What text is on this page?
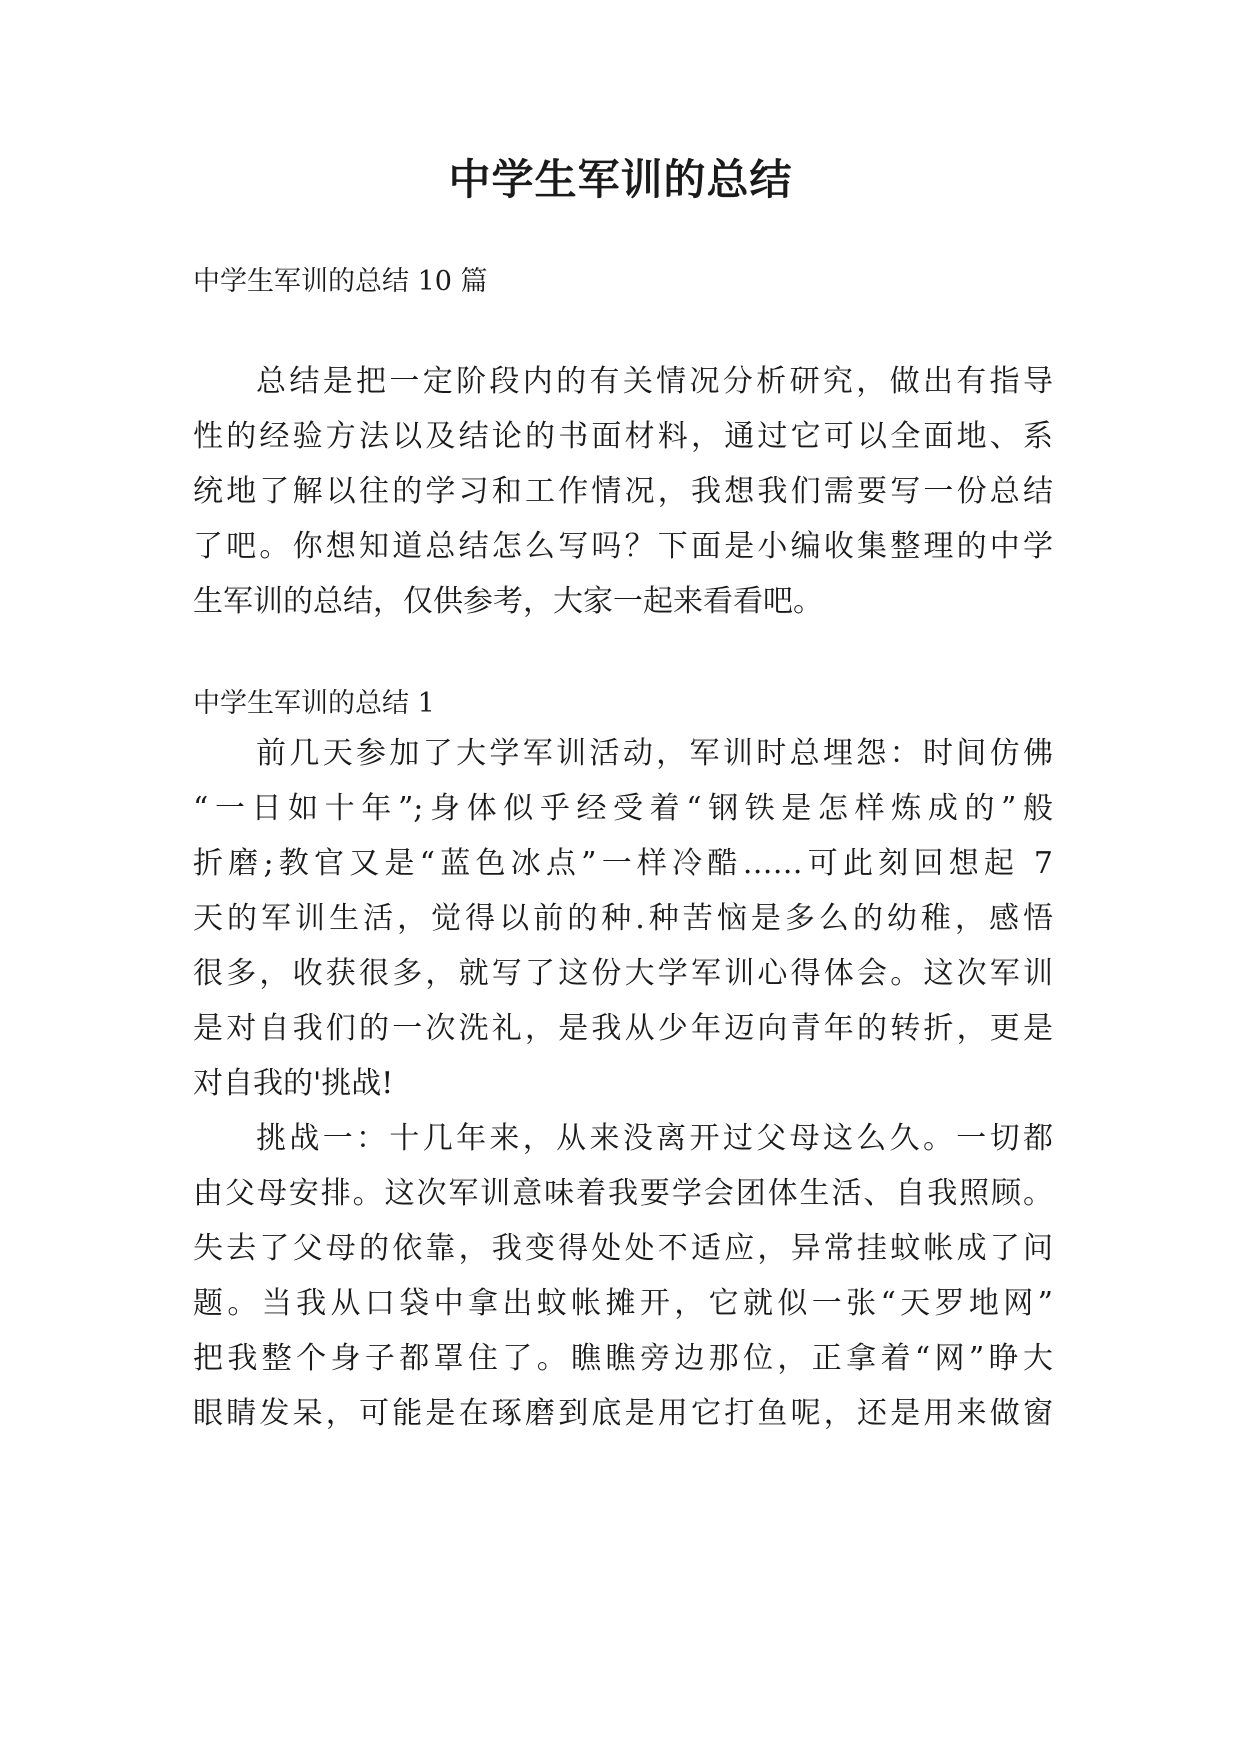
中学生军训的总结
中学生军训的总结 10 篇
总结是把一定阶段内的有关情况分析研究，做出有指导
性的经验方法以及结论的书面材料，通过它可以全面地、系
统地了解以往的学习和工作情况，我想我们需要写一份总结
了吧。你想知道总结怎么写吗？下面是小编收集整理的中学
生军训的总结，仅供参考，大家一起来看看吧。
中学生军训的总结 1
前几天参加了大学军训活动，军训时总埋怨：时间仿佛
“一日如十年”;身体似乎经受着“钢铁是怎样炼成的”般
折磨;教官又是“蓝色冰点”一样冷酷……可此刻回想起 7
天的军训生活，觉得以前的种.种苦恼是多么的幼稚，感悟
很多，收获很多，就写了这份大学军训心得体会。这次军训
是对自我们的一次洗礼，是我从少年迈向青年的转折，更是
对自我的'挑战!
挑战一：十几年来，从来没离开过父母这么久。一切都
由父母安排。这次军训意味着我要学会团体生活、自我照顾。
失去了父母的依靠，我变得处处不适应，异常挂蚊帐成了问
题。当我从口袋中拿出蚊帐摊开，它就似一张“天罗地网”
把我整个身子都罩住了。瞧瞧旁边那位，正拿着“网”睁大
眼睛发呆，可能是在琢磨到底是用它打鱼呢，还是用来做窗
